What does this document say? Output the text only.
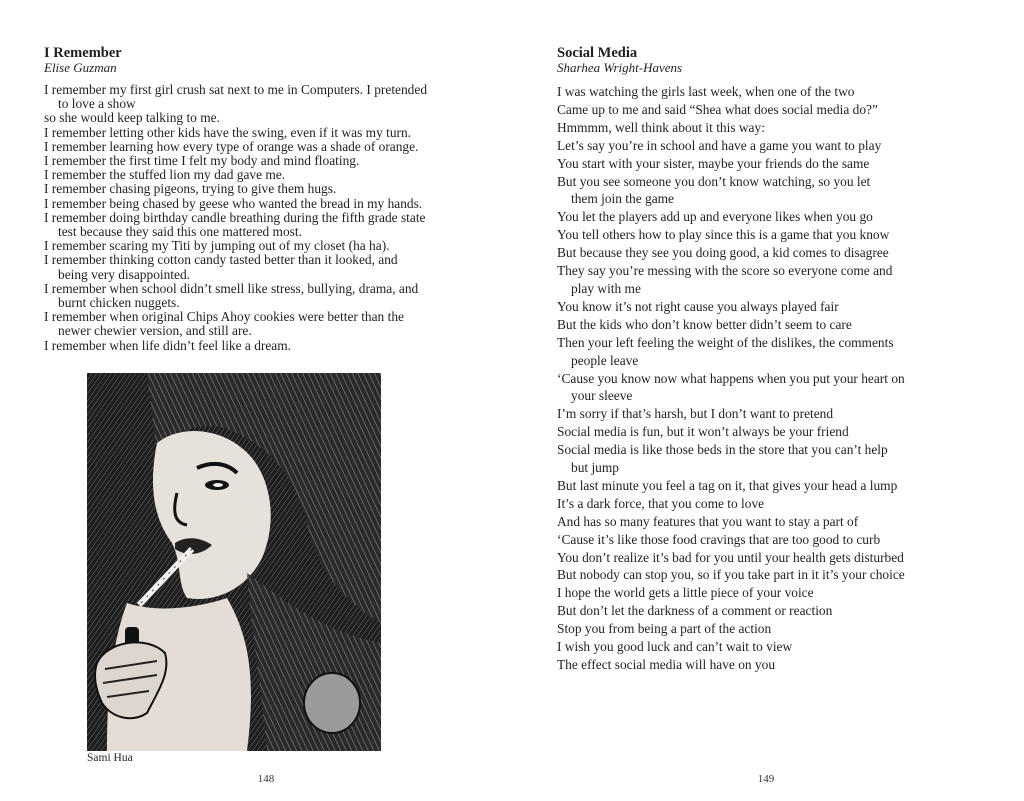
I Remember
Elise Guzman
I remember my first girl crush sat next to me in Computers. I pretended
to love a show
so she would keep talking to me.
I remember letting other kids have the swing, even if it was my turn.
I remember learning how every type of orange was a shade of orange.
I remember the first time I felt my body and mind floating.
I remember the stuffed lion my dad gave me.
I remember chasing pigeons, trying to give them hugs.
I remember being chased by geese who wanted the bread in my hands.
I remember doing birthday candle breathing during the fifth grade state
test because they said this one mattered most.
I remember scaring my Titi by jumping out of my closet (ha ha).
I remember thinking cotton candy tasted better than it looked, and
being very disappointed.
I remember when school didn’t smell like stress, bullying, drama, and
burnt chicken nuggets.
I remember when original Chips Ahoy cookies were better than the
newer chewier version, and still are.
I remember when life didn’t feel like a dream.
Sami Hua
148
Social Media
Sharhea Wright-Havens
I was watching the girls last week, when one of the two
Came up to me and said “Shea what does social media do?”
Hmmmm, well think about it this way:
Let’s say you’re in school and have a game you want to play
You start with your sister, maybe your friends do the same
But you see someone you don’t know watching, so you let
them join the game
You let the players add up and everyone likes when you go
You tell others how to play since this is a game that you know
But because they see you doing good, a kid comes to disagree
They say you’re messing with the score so everyone come and
play with me
You know it’s not right cause you always played fair
But the kids who don’t know better didn’t seem to care
Then your left feeling the weight of the dislikes, the comments
people leave
‘Cause you know now what happens when you put your heart on
your sleeve
I’m sorry if that’s harsh, but I don’t want to pretend
Social media is fun, but it won’t always be your friend
Social media is like those beds in the store that you can’t help
but jump
But last minute you feel a tag on it, that gives your head a lump
It’s a dark force, that you come to love
And has so many features that you want to stay a part of
‘Cause it’s like those food cravings that are too good to curb
You don’t realize it’s bad for you until your health gets disturbed
But nobody can stop you, so if you take part in it it’s your choice
I hope the world gets a little piece of your voice
But don’t let the darkness of a comment or reaction
Stop you from being a part of the action
I wish you good luck and can’t wait to view
The effect social media will have on you
149
